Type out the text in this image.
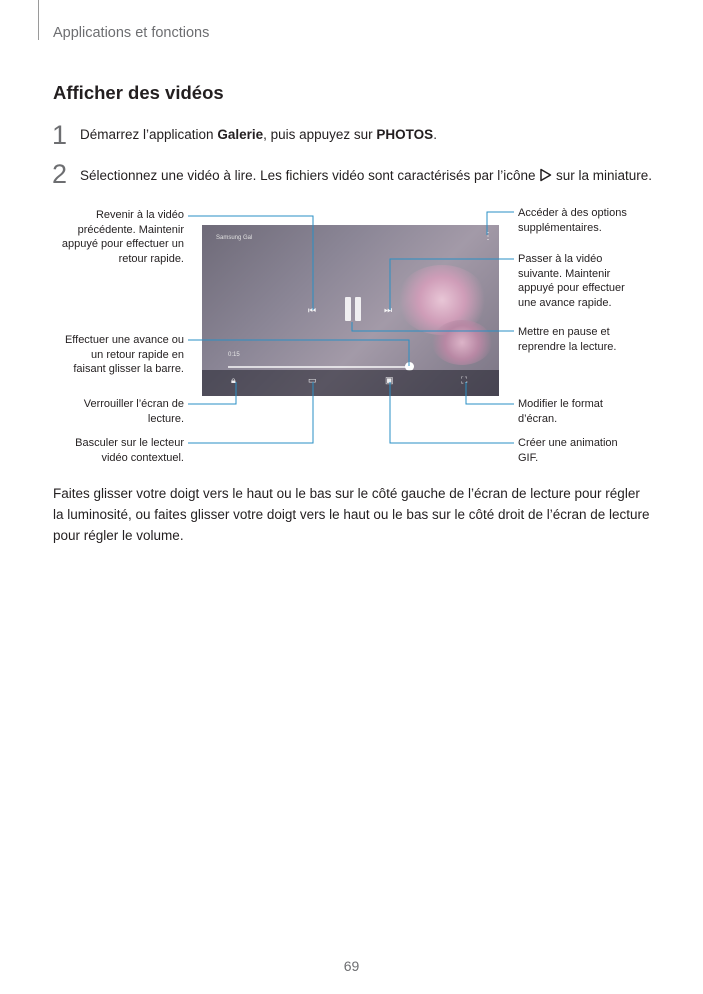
Applications et fonctions
Afficher des vidéos
1 Démarrez l’application Galerie, puis appuyez sur PHOTOS.
2 Sélectionnez une vidéo à lire. Les fichiers vidéo sont caractérisés par l’icône  sur la miniature.
Samsung Gal	⋮
⏮	⏭
0:15
🔒︎	▭	▣	⛶
Revenir à la vidéo précédente. Maintenir appuyé pour effectuer un retour rapide.
Effectuer une avance ou un retour rapide en faisant glisser la barre.
Verrouiller l’écran de lecture.
Basculer sur le lecteur vidéo contextuel.
Accéder à des options supplémentaires.
Passer à la vidéo suivante. Maintenir appuyé pour effectuer une avance rapide.
Mettre en pause et reprendre la lecture.
Modifier le format d’écran.
Créer une animation GIF.
Faites glisser votre doigt vers le haut ou le bas sur le côté gauche de l’écran de lecture pour régler la luminosité, ou faites glisser votre doigt vers le haut ou le bas sur le côté droit de l’écran de lecture pour régler le volume.
69
